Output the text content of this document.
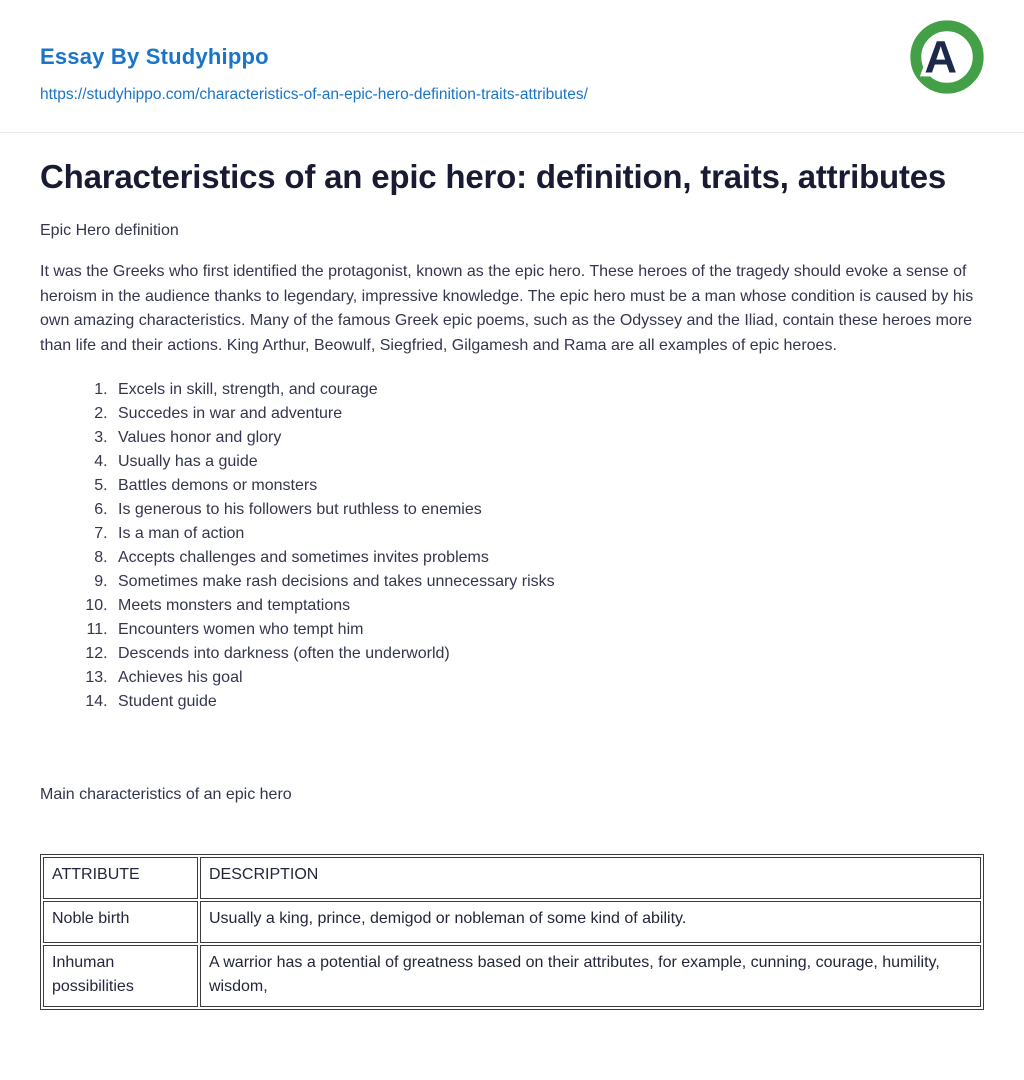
Essay By Studyhippo
https://studyhippo.com/characteristics-of-an-epic-hero-definition-traits-attributes/
A
Characteristics of an epic hero: definition, traits, attributes
Epic Hero definition

It was the Greeks who first identified the protagonist, known as the epic hero. These heroes of the tragedy should evoke a sense of heroism in the audience thanks to legendary, impressive knowledge. The epic hero must be a man whose condition is caused by his own amazing characteristics. Many of the famous Greek epic poems, such as the Odyssey and the Iliad, contain these heroes more than life and their actions. King Arthur, Beowulf, Siegfried, Gilgamesh and Rama are all examples of epic heroes.

1. Excels in skill, strength, and courage
2. Succedes in war and adventure
3. Values honor and glory
4. Usually has a guide
5. Battles demons or monsters
6. Is generous to his followers but ruthless to enemies
7. Is a man of action
8. Accepts challenges and sometimes invites problems
9. Sometimes make rash decisions and takes unnecessary risks
10. Meets monsters and temptations
11. Encounters women who tempt him
12. Descends into darkness (often the underworld)
13. Achieves his goal
14. Student guide
Main characteristics of an epic hero
ATTRIBUTE	DESCRIPTION
Noble birth	Usually a king, prince, demigod or nobleman of some kind of ability.
Inhuman possibilities	A warrior has a potential of greatness based on their attributes, for example, cunning, courage, humility, wisdom,
